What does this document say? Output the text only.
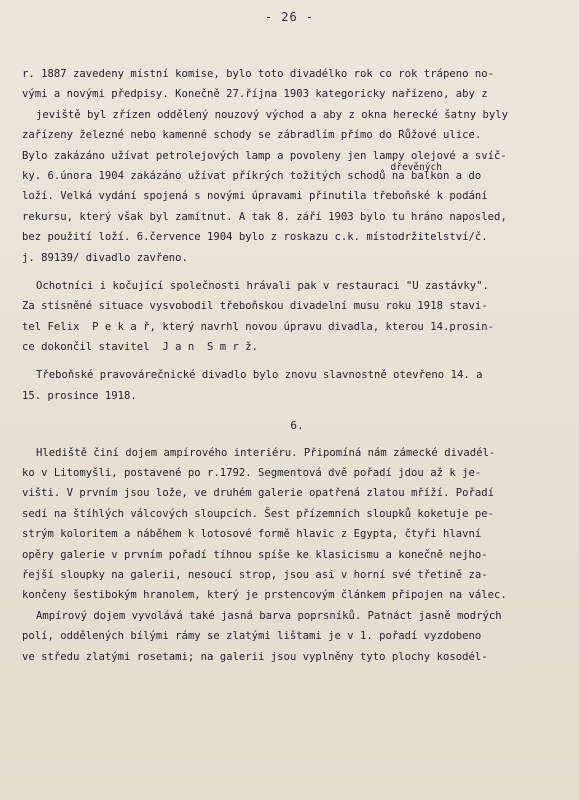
- 26 -
r. 1887 zavedeny místní komise, bylo toto divadélko rok co rok trápeno no-
vými a novými předpisy. Konečně 27.října 1903 kategoricky nařízeno, aby z
jeviště byl zřízen oddělený nouzový východ a aby z okna herecké šatny byly
zařízeny železné nebo kamenné schody se zábradlím přímo do Růžové ulice.
Bylo zakázáno užívat petrolejových lamp a povoleny jen lampy olejové a svíč-
dřevěných
ky. 6.února 1904 zakázáno užívat příkrých tožitých schodů na balkon a do
loží. Velká vydání spojená s novými úpravami přinutila třeboňské k podání
rekursu, který však byl zamítnut. A tak 8. září 1903 bylo tu hráno naposled,
bez použití loží. 6.července 1904 bylo z roskazu c.k. místodržitelství/č.
j. 89139/ divadlo zavřeno.
Ochotníci i kočující společnosti hrávali pak v restauraci "U zastávky".
Za stísněné situace vysvobodil třeboňskou divadelní musu roku 1918 stavi-
tel Felix  P e k a ř, který navrhl novou úpravu divadla, kterou 14.prosin-
ce dokončil stavitel  J a n  S m r ž.
Třeboňské pravovárečnické divadlo bylo znovu slavnostně otevřeno 14. a
15. prosince 1918.
6.
Hlediště činí dojem ampírového interiéru. Připomíná nám zámecké divadél-
ko v Litomyšli, postavené po r.1792. Segmentová dvě pořadí jdou až k je-
višti. V prvním jsou lože, ve druhém galerie opatřená zlatou mříží. Pořadí
sedí na štíhlých válcových sloupcích. Šest přízemních sloupků koketuje pe-
strým koloritem a náběhem k lotosové formě hlavic z Egypta, čtyři hlavní
opěry galerie v prvním pořadí tíhnou spíše ke klasicismu a konečně nejho-
řejší sloupky na galerii, nesoucí strop, jsou asi v horní své třetině za-
končeny šestibokým hranolem, který je prstencovým článkem připojen na válec.
Ampírový dojem vyvolává také jasná barva poprsníků. Patnáct jasně modrých
polí, oddělených bílými rámy se zlatými lištami je v 1. pořadí vyzdobeno
ve středu zlatými rosetami; na galerii jsou vyplněny tyto plochy kosodél-
